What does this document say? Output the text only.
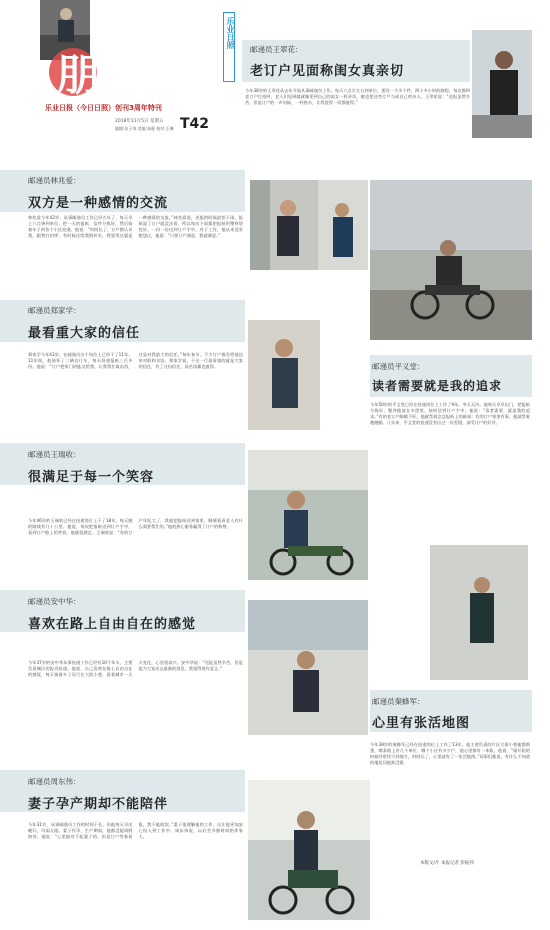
朋友
乐业日报（今日日照）创刊3周年特刊
2018年11月5日 星期五
编辑:张子涛 美编:张静 校对:王琳 T42
乐业日照
邮递员王翠花：
老订户见面称闺女真亲切
今年38岁的王翠花从去年开始从事邮递员工作。每天六点半左右到单位，要送一千多个件，两个多小时的路程。每次都和老订户打招呼，老人们见到她就像见到自己的闺女一样亲切，她也把这些订户当成自己的亲人。王翠花说：“送报虽然辛苦，但是订户的一声问候、一杯热水，让我觉得一切都值得。”
邮递员林兆爱：
双方是一种感情的交流
林兆爱今年42岁，从事邮递员工作已经五年了，每天早上六点钟到单位，把一天的报纸、信件分拣好，然后骑着车子到各个小区投递。他说：“时间长了，订户都认识我，跟我打招呼，有时候还给我倒杯水，我觉得这就是一种感情的交流。”林兆爱说，送报的时候最怕下雨，报纸湿了订户就没法看，所以每次下雨都把报纸用塑料袋包好，一份一份送到订户手中。对于工作，他从来没有抱怨过，他说：“只要订户满意，我就满意。”
邮递员郑家学：
最看重大家的信任
郑家学今年43岁，在邮递员这个岗位上已经干了11年。11年间，他骑坏了三辆自行车，每天投递报纸三百多份。他说：“订户把家门钥匙交给我，让我帮忙取东西，这是对我最大的信任。”每年春节，不少订户都会给他送来对联和水饺。郑家学说，干这一行最看重的就是大家的信任，有了这份信任，再苦再累也值得。	邮递员平义堂：
读者需要就是我的追求
今年50岁的平义堂已经在投递岗位上工作了9年。冬天天冷，他每天早早出门，把报纸分拣好，整齐地放在车筐里，按时送到订户手中。他说：“读者需要，就是我的追求。”有的老订户眼睛不好，他就帮着念念报纸上的新闻；有的订户家里有事，他就帮着跑跑腿。几年来，平义堂的投递没有出过一次差错，深受订户的好评。
邮递员王瑞收：
很满足于每一个笑容
今年46岁的王瑞收已经在投递岗位上干了18年，每天跑的路线有几十公里。他说，每次把报纸送到订户手中，看到订户脸上的笑容，他就很满足。王瑞收说：“有的订户年纪大了，我就把报纸送到家里，顺便看看老人有什么需要帮忙的。”他的热心服务赢得了订户的称赞。
邮递员安中华：
喜欢在路上自由自在的感觉
今年37岁的安中华从事投递工作已经有10个年头，主要负责城区的报刊投递。他说，自己喜欢在路上自由自在的感觉，每天骑着车子穿行在大街小巷，看着城市一天天变化，心里很高兴。安中华说：“送报虽然辛苦，但是能为大家送去最新的消息，我觉得很有意义。”
邮递员秦蜂军：
心里有张活地图
今年38岁的秦蜂军已经在投递岗位上工作了13年，他主要负责的片区大街小巷他都熟悉，哪条路上有几个单位、哪个小区有多少户，他心里都有一本账。他说：“刚开始的时候经常找不到地方，时间长了，心里就有了一张活地图。”同事们都说，有什么不知道的地址问他准没错。
本版文/片 本报记者 彭振伟
邮递员周东伟：
妻子孕产期却不能陪伴
今年31岁，从事邮递员工作的时间不长，但他每天早出晚归，风雨无阻。妻子怀孕、生产期间，他都没能请假陪伴。他说：“心里挺对不起妻子的，但是订户等着看报，我不能耽误。”妻子很理解他的工作，这让他更加安心投入到工作中。周东伟说，以后会多抽时间陪伴家人。
